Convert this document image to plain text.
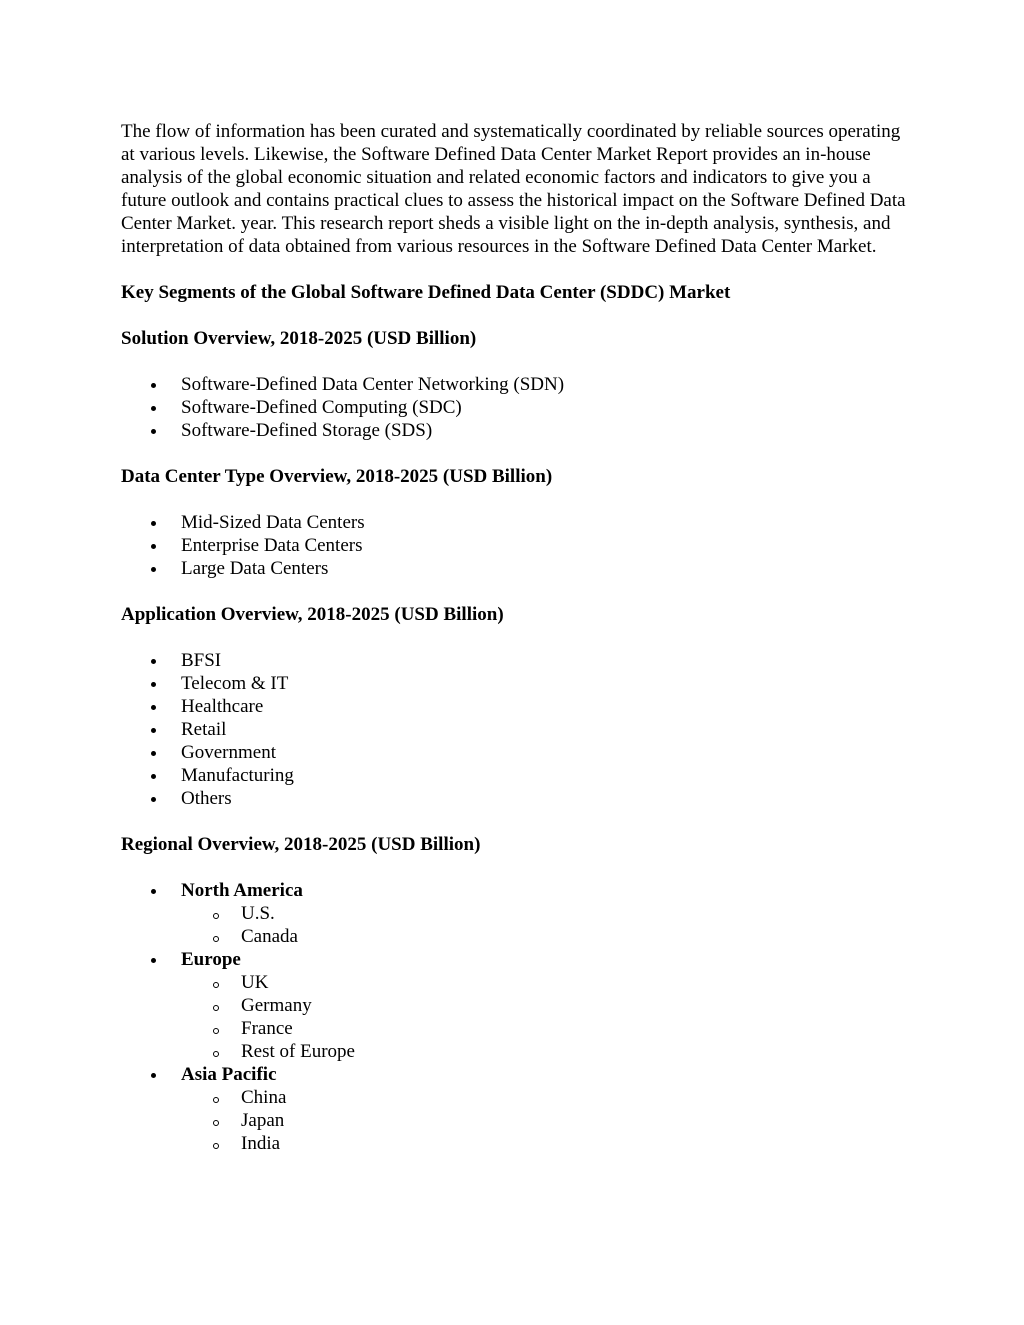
The flow of information has been curated and systematically coordinated by reliable sources operating at various levels. Likewise, the Software Defined Data Center Market Report provides an in-house analysis of the global economic situation and related economic factors and indicators to give you a future outlook and contains practical clues to assess the historical impact on the Software Defined Data Center Market. year. This research report sheds a visible light on the in-depth analysis, synthesis, and interpretation of data obtained from various resources in the Software Defined Data Center Market.

Key Segments of the Global Software Defined Data Center (SDDC) Market

Solution Overview, 2018-2025 (USD Billion)

Software-Defined Data Center Networking (SDN)
Software-Defined Computing (SDC)
Software-Defined Storage (SDS)

Data Center Type Overview, 2018-2025 (USD Billion)

Mid-Sized Data Centers
Enterprise Data Centers
Large Data Centers

Application Overview, 2018-2025 (USD Billion)

BFSI
Telecom & IT
Healthcare
Retail
Government
Manufacturing
Others

Regional Overview, 2018-2025 (USD Billion)

North America
U.S.
Canada
Europe
UK
Germany
France
Rest of Europe
Asia Pacific
China
Japan
India
